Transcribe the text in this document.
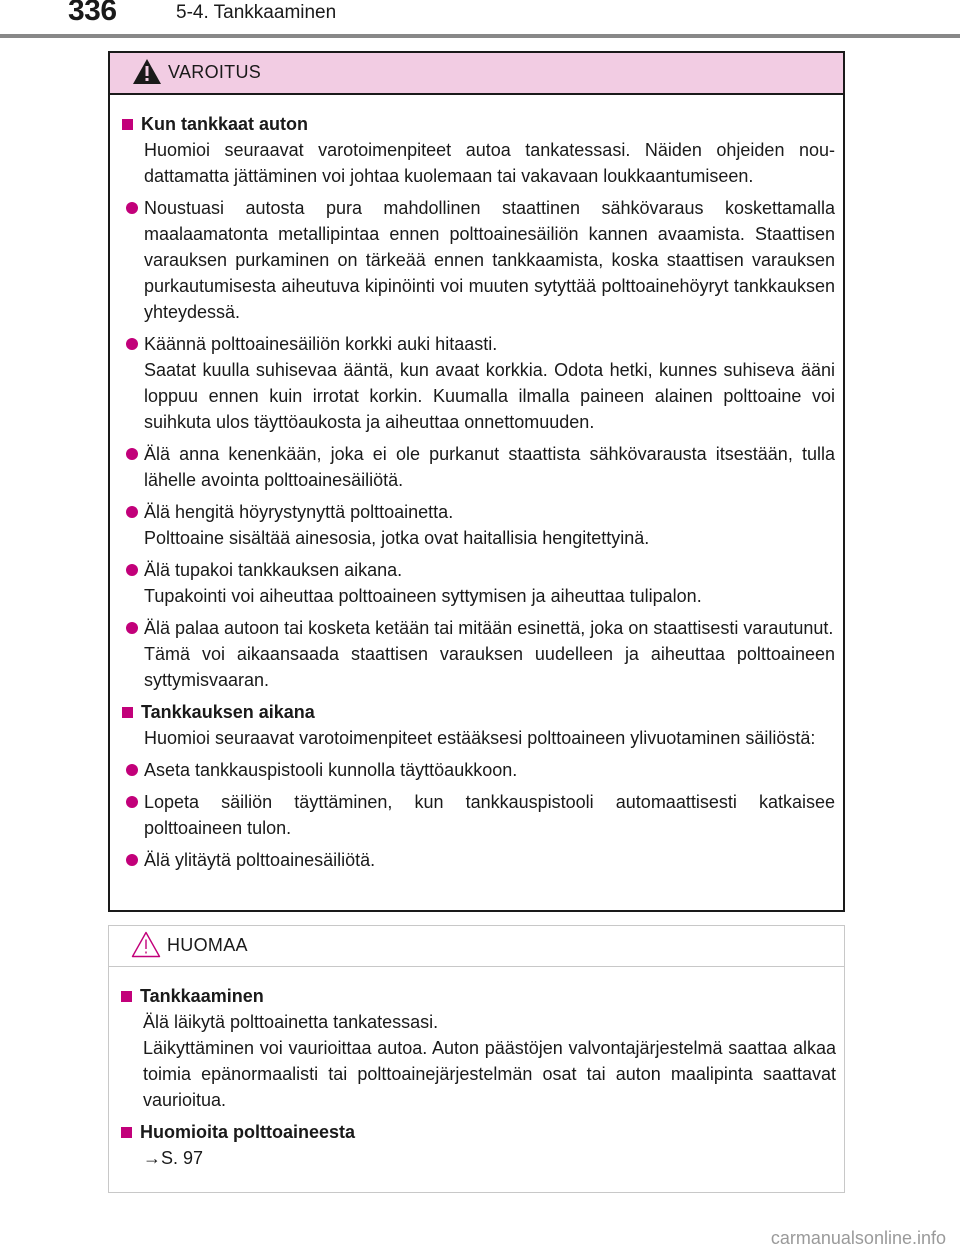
336	5-4. Tankkaaminen
VAROITUS
Kun tankkaat auton
Huomioi seuraavat varotoimenpiteet autoa tankatessasi. Näiden ohjeiden noudattamatta jättäminen voi johtaa kuolemaan tai vakavaan loukkaantumiseen.
Noustuasi autosta pura mahdollinen staattinen sähkövaraus koskettamalla maalaamatonta metallipintaa ennen polttoainesäiliön kannen avaamista. Staattisen varauksen purkaminen on tärkeää ennen tankkaamista, koska staattisen varauksen purkautumisesta aiheutuva kipinöinti voi muuten sytyttää polttoainehöyryt tankkauksen yhteydessä.
Käännä polttoainesäiliön korkki auki hitaasti.
Saatat kuulla suhisevaa ääntä, kun avaat korkkia. Odota hetki, kunnes suhiseva ääni loppuu ennen kuin irrotat korkin. Kuumalla ilmalla paineen alainen polttoaine voi suihkuta ulos täyttöaukosta ja aiheuttaa onnettomuuden.
Älä anna kenenkään, joka ei ole purkanut staattista sähkövarausta itsestään, tulla lähelle avointa polttoainesäiliötä.
Älä hengitä höyrystynyttä polttoainetta.
Polttoaine sisältää ainesosia, jotka ovat haitallisia hengitettyinä.
Älä tupakoi tankkauksen aikana.
Tupakointi voi aiheuttaa polttoaineen syttymisen ja aiheuttaa tulipalon.
Älä palaa autoon tai kosketa ketään tai mitään esinettä, joka on staattisesti varautunut.
Tämä voi aikaansaada staattisen varauksen uudelleen ja aiheuttaa polttoaineen syttymisvaaran.
Tankkauksen aikana
Huomioi seuraavat varotoimenpiteet estääksesi polttoaineen ylivuotaminen säiliöstä:
Aseta tankkauspistooli kunnolla täyttöaukkoon.
Lopeta säiliön täyttäminen, kun tankkauspistooli automaattisesti katkaisee polttoaineen tulon.
Älä ylitäytä polttoainesäiliötä.
HUOMAA
Tankkaaminen
Älä läikytä polttoainetta tankatessasi.
Läikyttäminen voi vaurioittaa autoa. Auton päästöjen valvontajärjestelmä saattaa alkaa toimia epänormaalisti tai polttoainejärjestelmän osat tai auton maalipinta saattavat vaurioitua.
Huomioita polttoaineesta
→S. 97
carmanualsonline.info
